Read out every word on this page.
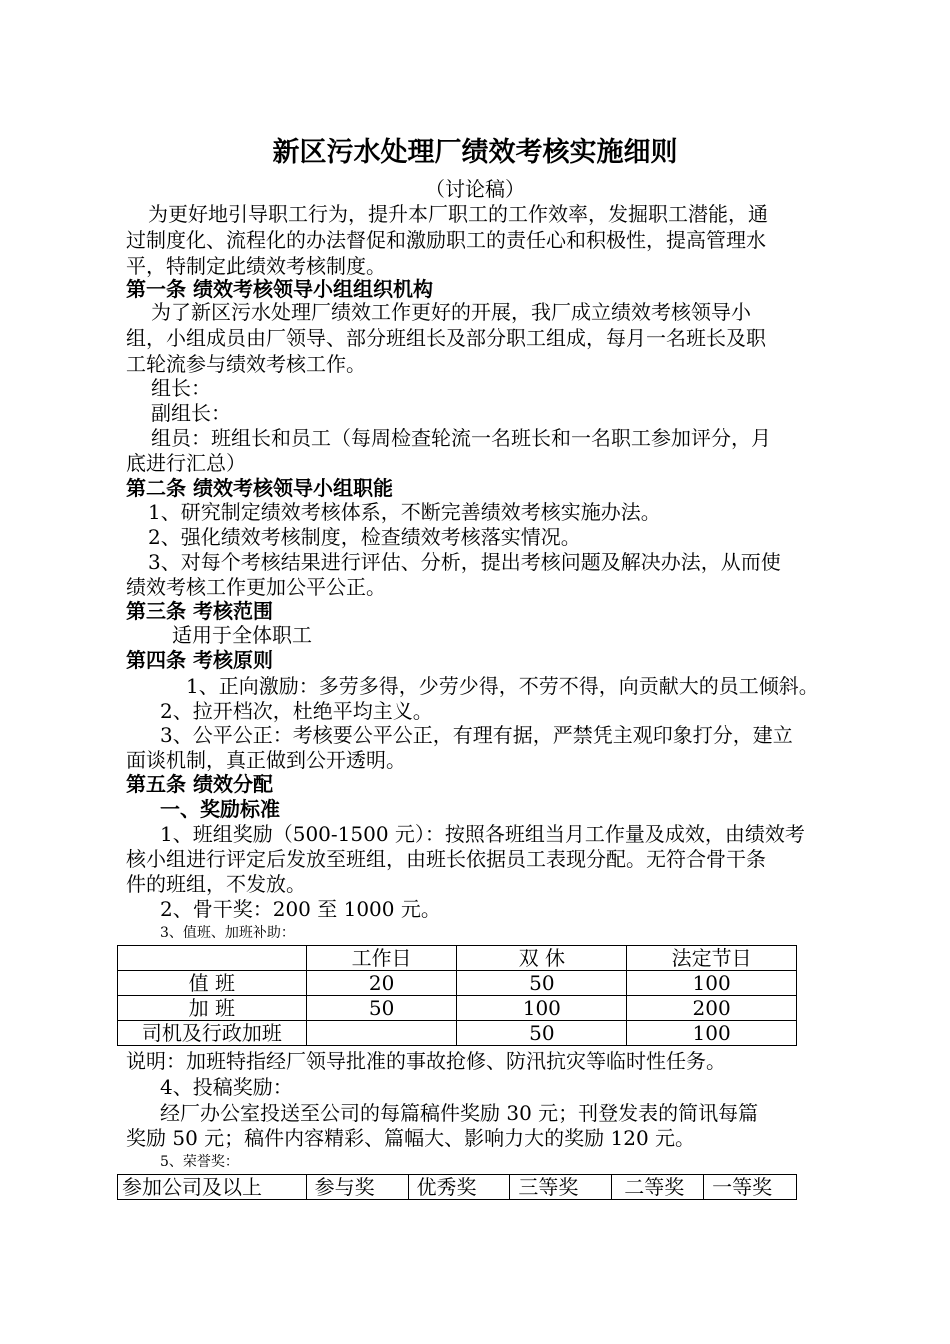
新区污水处理厂绩效考核实施细则
（讨论稿）
为更好地引导职工行为，提升本厂职工的工作效率，发掘职工潜能，通
过制度化、流程化的办法督促和激励职工的责任心和积极性，提高管理水
平，特制定此绩效考核制度。
第一条 绩效考核领导小组组织机构
为了新区污水处理厂绩效工作更好的开展，我厂成立绩效考核领导小
组，小组成员由厂领导、部分班组长及部分职工组成，每月一名班长及职
工轮流参与绩效考核工作。
组长：
副组长：
组员：班组长和员工（每周检查轮流一名班长和一名职工参加评分，月
底进行汇总）
第二条 绩效考核领导小组职能
1、研究制定绩效考核体系，不断完善绩效考核实施办法。
2、强化绩效考核制度，检查绩效考核落实情况。
3、对每个考核结果进行评估、分析，提出考核问题及解决办法，从而使
绩效考核工作更加公平公正。
第三条 考核范围
适用于全体职工
第四条 考核原则
1、正向激励：多劳多得，少劳少得，不劳不得，向贡献大的员工倾斜。
2、拉开档次，杜绝平均主义。
3、公平公正：考核要公平公正，有理有据，严禁凭主观印象打分，建立
面谈机制，真正做到公开透明。
第五条 绩效分配
一、奖励标准
1、班组奖励（500-1500 元）：按照各班组当月工作量及成效，由绩效考
核小组进行评定后发放至班组，由班长依据员工表现分配。无符合骨干条
件的班组，不发放。
2、骨干奖：200 至 1000 元。
3、值班、加班补助：
	工作日	双 休	法定节日
值 班	20	50	100
加 班	50	100	200
司机及行政加班		50	100
说明：加班特指经厂领导批准的事故抢修、防汛抗灾等临时性任务。
4、投稿奖励：
经厂办公室投送至公司的每篇稿件奖励 30 元；刊登发表的简讯每篇
奖励 50 元；稿件内容精彩、篇幅大、影响力大的奖励 120 元。
5、荣誉奖：
参加公司及以上	参与奖	优秀奖	三等奖	二等奖	一等奖
